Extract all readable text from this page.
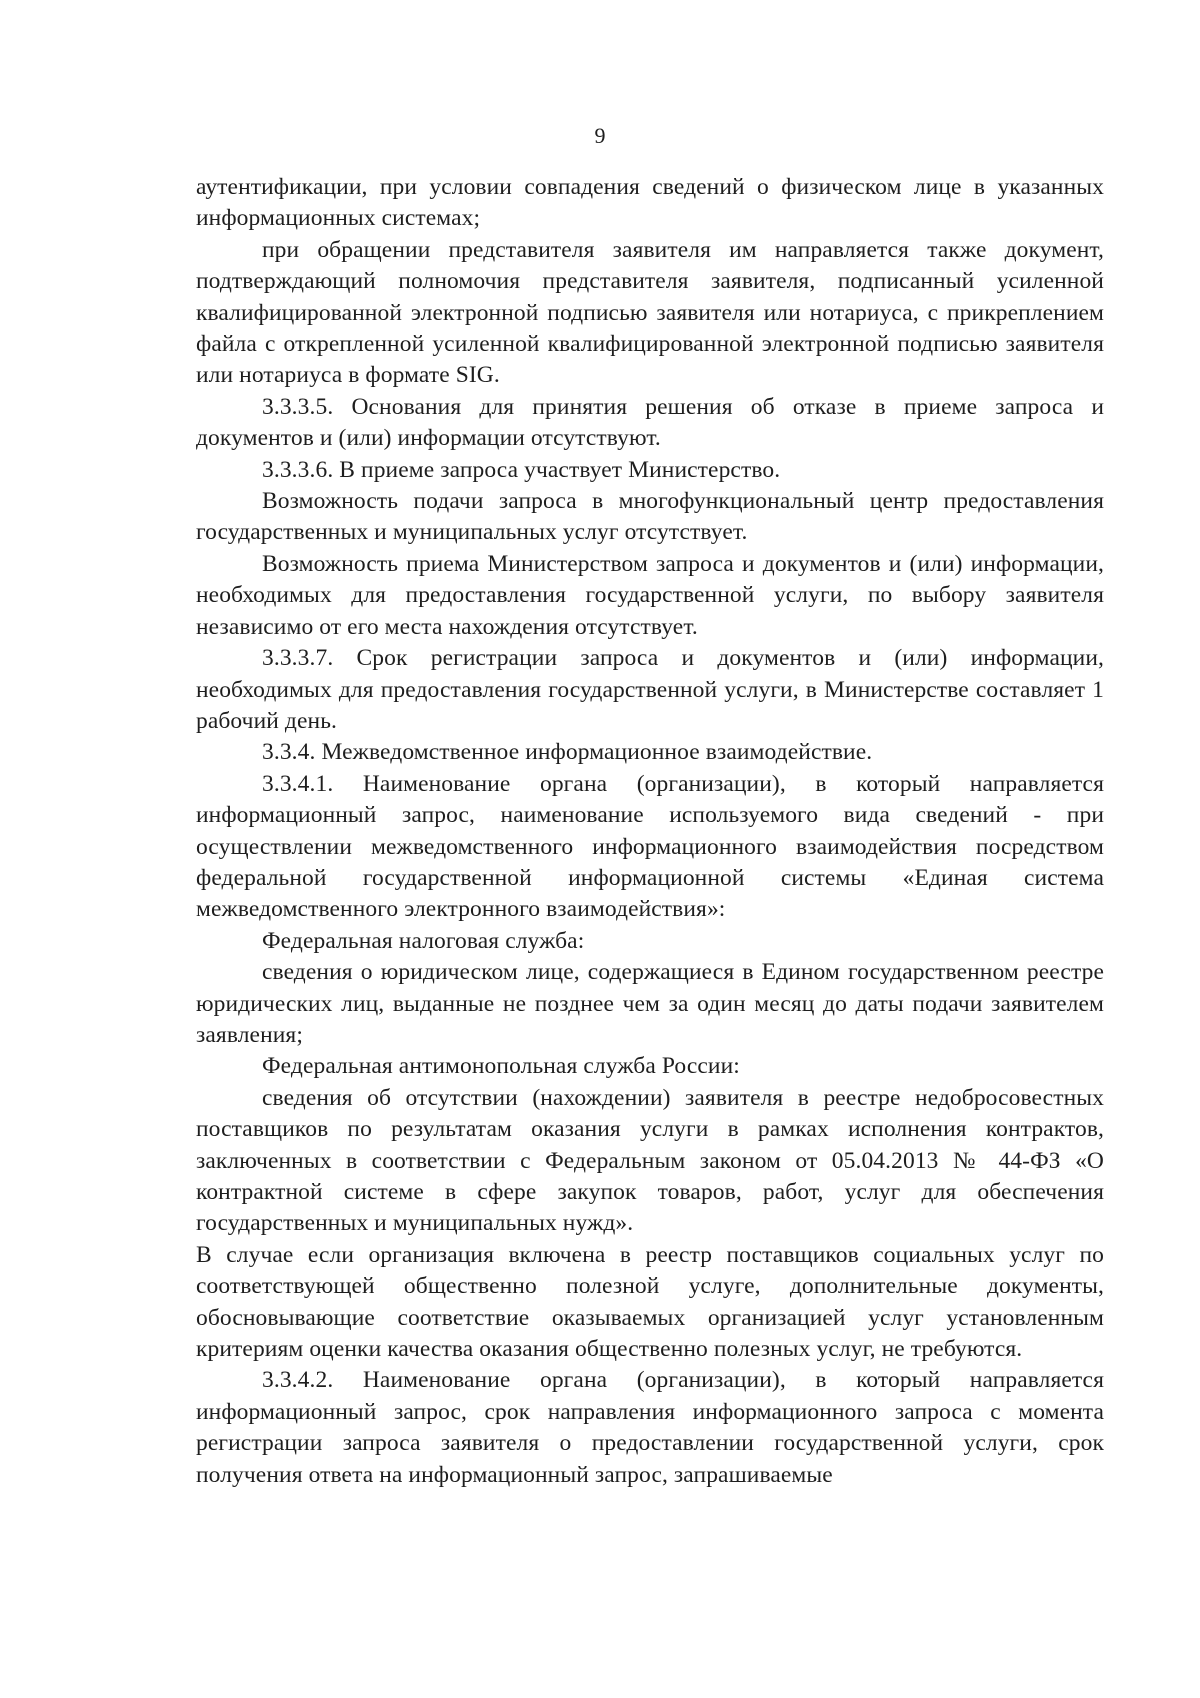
9

аутентификации, при условии совпадения сведений о физическом лице в указанных информационных системах;

при обращении представителя заявителя им направляется также документ, подтверждающий полномочия представителя заявителя, подписанный усиленной квалифицированной электронной подписью заявителя или нотариуса, с прикреплением файла с открепленной усиленной квалифицированной электронной подписью заявителя или нотариуса в формате SIG.

3.3.3.5. Основания для принятия решения об отказе в приеме запроса и документов и (или) информации отсутствуют.

3.3.3.6. В приеме запроса участвует Министерство.

Возможность подачи запроса в многофункциональный центр предоставления государственных и муниципальных услуг отсутствует.

Возможность приема Министерством запроса и документов и (или) информации, необходимых для предоставления государственной услуги, по выбору заявителя независимо от его места нахождения отсутствует.

3.3.3.7. Срок регистрации запроса и документов и (или) информации, необходимых для предоставления государственной услуги, в Министерстве составляет 1 рабочий день.

3.3.4. Межведомственное информационное взаимодействие.

3.3.4.1. Наименование органа (организации), в который направляется информационный запрос, наименование используемого вида сведений - при осуществлении межведомственного информационного взаимодействия посредством федеральной государственной информационной системы «Единая система межведомственного электронного взаимодействия»:

Федеральная налоговая служба:

сведения о юридическом лице, содержащиеся в Едином государственном реестре юридических лиц, выданные не позднее чем за один месяц до даты подачи заявителем заявления;

Федеральная антимонопольная служба России:

сведения об отсутствии (нахождении) заявителя в реестре недобросовестных поставщиков по результатам оказания услуги в рамках исполнения контрактов, заключенных в соответствии с Федеральным законом от 05.04.2013 № 44-ФЗ «О контрактной системе в сфере закупок товаров, работ, услуг для обеспечения государственных и муниципальных нужд».

В случае если организация включена в реестр поставщиков социальных услуг по соответствующей общественно полезной услуге, дополнительные документы, обосновывающие соответствие оказываемых организацией услуг установленным критериям оценки качества оказания общественно полезных услуг, не требуются.

3.3.4.2. Наименование органа (организации), в который направляется информационный запрос, срок направления информационного запроса с момента регистрации запроса заявителя о предоставлении государственной услуги, срок получения ответа на информационный запрос, запрашиваемые
